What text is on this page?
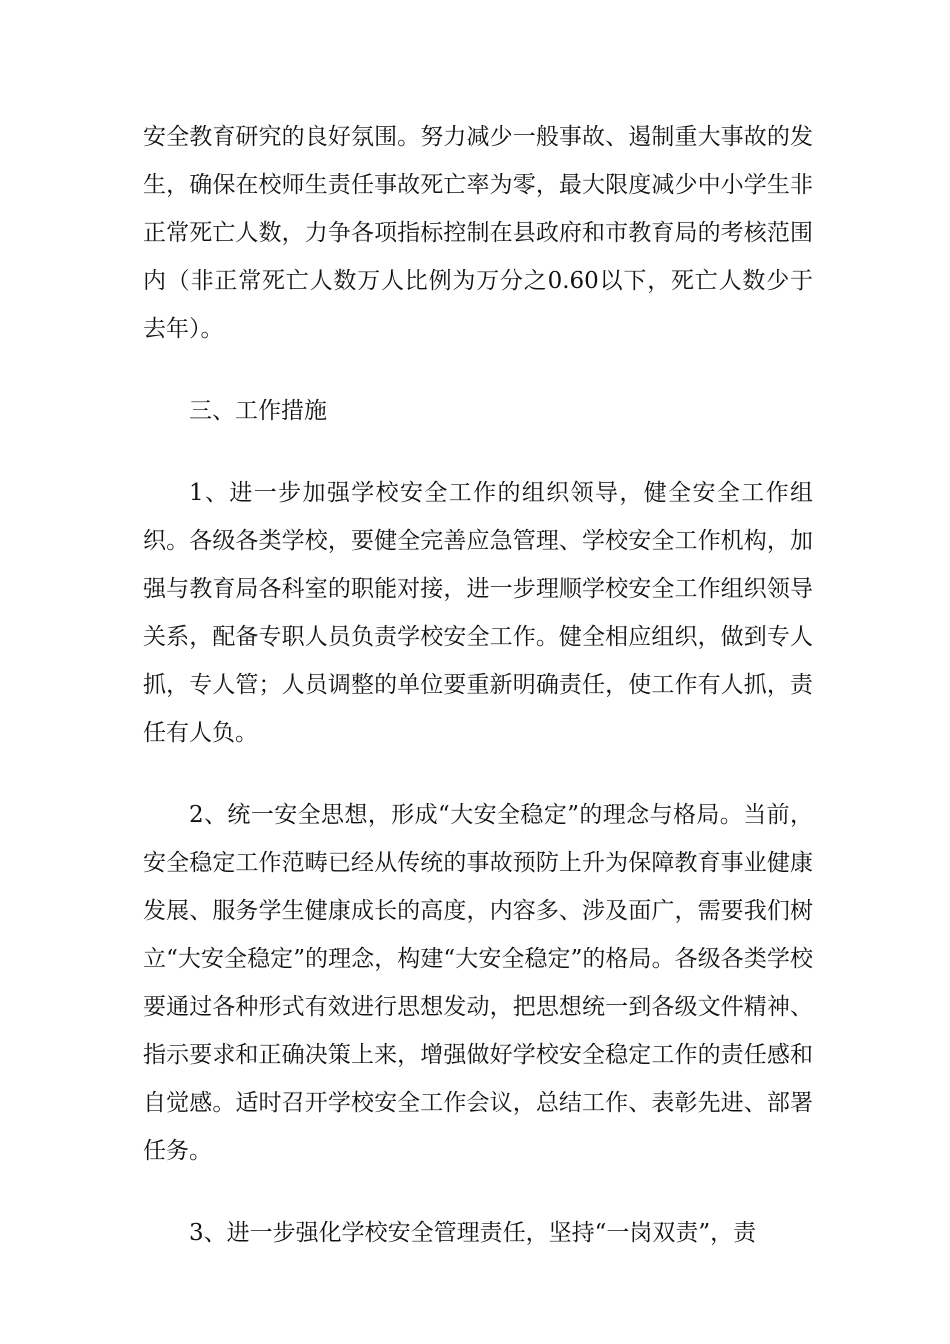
安全教育研究的良好氛围。努力减少一般事故、遏制重大事故的发生，确保在校师生责任事故死亡率为零，最大限度减少中小学生非正常死亡人数，力争各项指标控制在县政府和市教育局的考核范围内（非正常死亡人数万人比例为万分之0.60以下，死亡人数少于去年）。

三、工作措施

1、进一步加强学校安全工作的组织领导，健全安全工作组织。各级各类学校，要健全完善应急管理、学校安全工作机构，加强与教育局各科室的职能对接，进一步理顺学校安全工作组织领导关系，配备专职人员负责学校安全工作。健全相应组织，做到专人抓，专人管；人员调整的单位要重新明确责任，使工作有人抓，责任有人负。

2、统一安全思想，形成“大安全稳定”的理念与格局。当前，安全稳定工作范畴已经从传统的事故预防上升为保障教育事业健康发展、服务学生健康成长的高度，内容多、涉及面广，需要我们树立“大安全稳定”的理念，构建“大安全稳定”的格局。各级各类学校要通过各种形式有效进行思想发动，把思想统一到各级文件精神、指示要求和正确决策上来，增强做好学校安全稳定工作的责任感和自觉感。适时召开学校安全工作会议，总结工作、表彰先进、部署任务。

3、进一步强化学校安全管理责任，坚持“一岗双责”，责
